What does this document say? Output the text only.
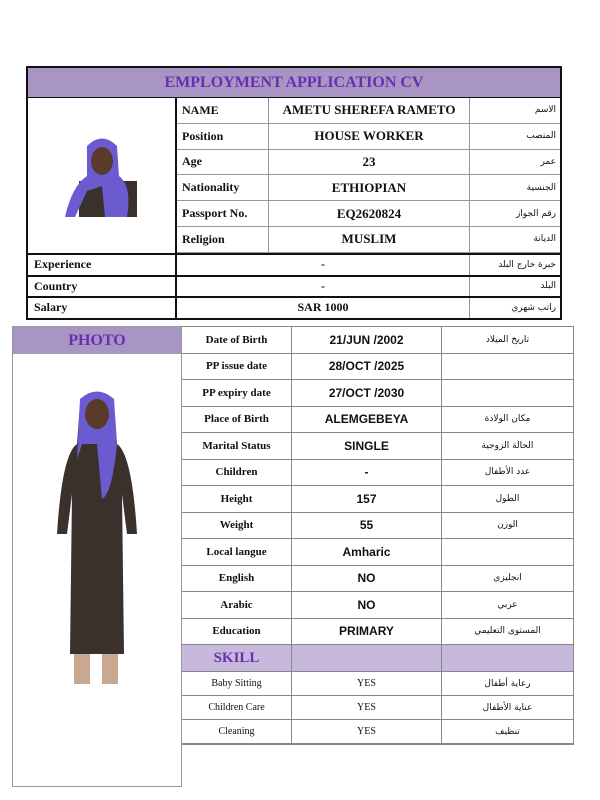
EMPLOYMENT APPLICATION CV
NAME	AMETU SHEREFA RAMETO	الاسم
Position	HOUSE WORKER	المنصب
Age	23	عمر
Nationality	ETHIOPIAN	الجنسية
Passport No.	EQ2620824	رقم الجواز
Religion	MUSLIM	الديانة
Experience	-	خبرة خارج البلد
Country	-	البلد
Salary	SAR 1000	راتب شهري
PHOTO	Date of Birth	21/JUN /2002	تاريخ الميلاد
PP issue date	28/OCT /2025
PP expiry date	27/OCT /2030
Place of Birth	ALEMGEBEYA	مكان الولادة
Marital Status	SINGLE	الحالة الزوجية
Children	-	عدد الأطفال
Height	157	الطول
Weight	55	الوزن
Local langue	Amharic
English	NO	انجليزي
Arabic	NO	عربي
Education	PRIMARY	المستوى التعليمي
SKILL
Baby Sitting	YES	رعاية أطفال
Children Care	YES	عناية الأطفال
Cleaning	YES	تنظيف
